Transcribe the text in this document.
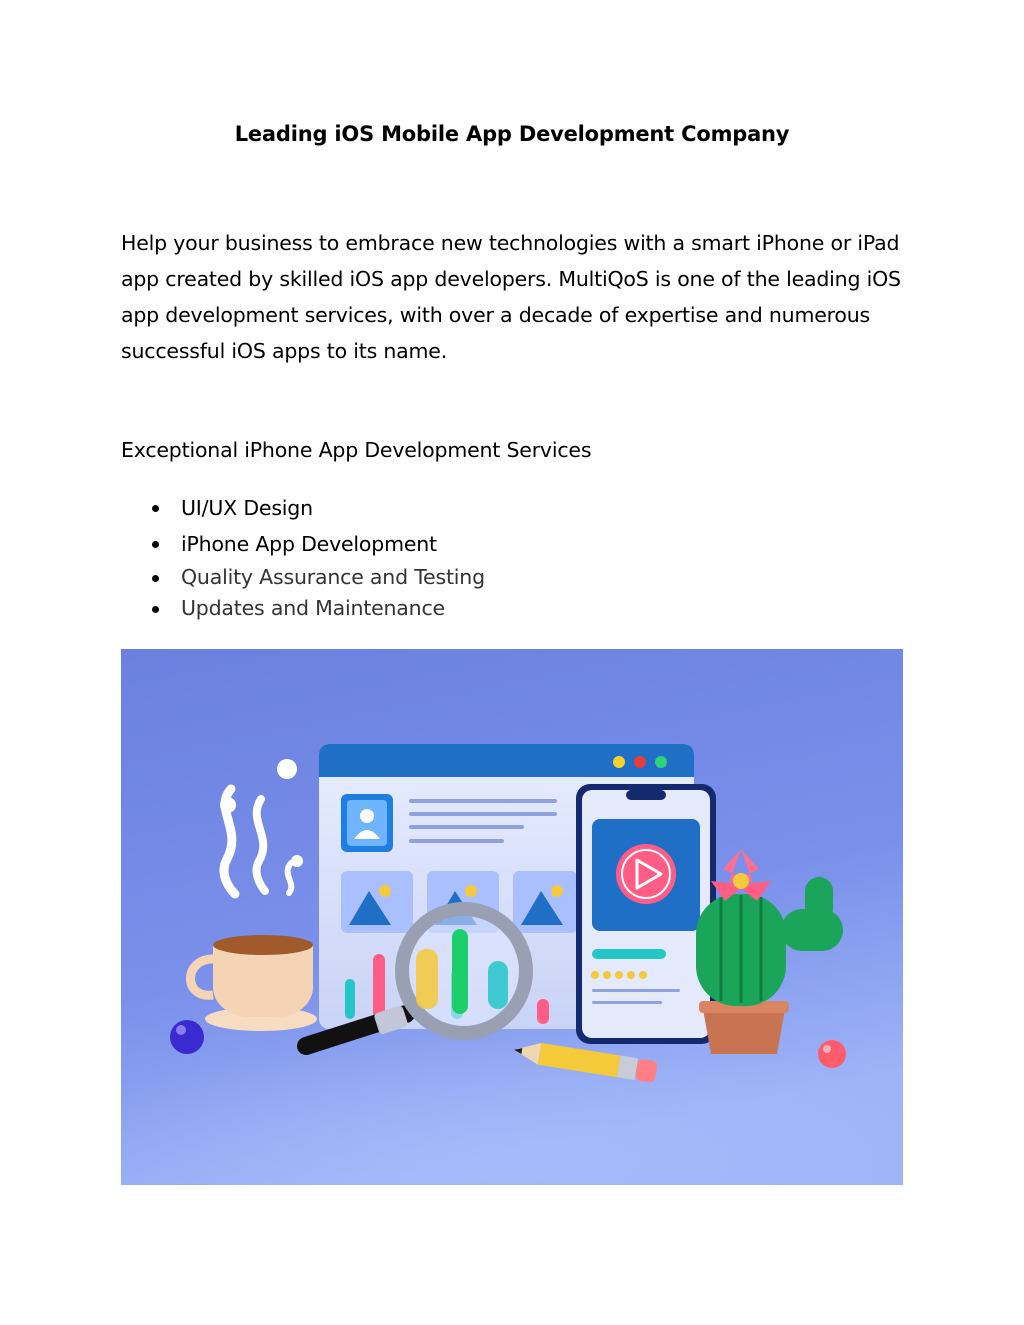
Leading iOS Mobile App Development Company

Help your business to embrace new technologies with a smart iPhone or iPad app created by skilled iOS app developers. MultiQoS is one of the leading iOS app development services, with over a decade of expertise and numerous successful iOS apps to its name.

Exceptional iPhone App Development Services
UI/UX Design
iPhone App Development
Quality Assurance and Testing
Updates and Maintenance
